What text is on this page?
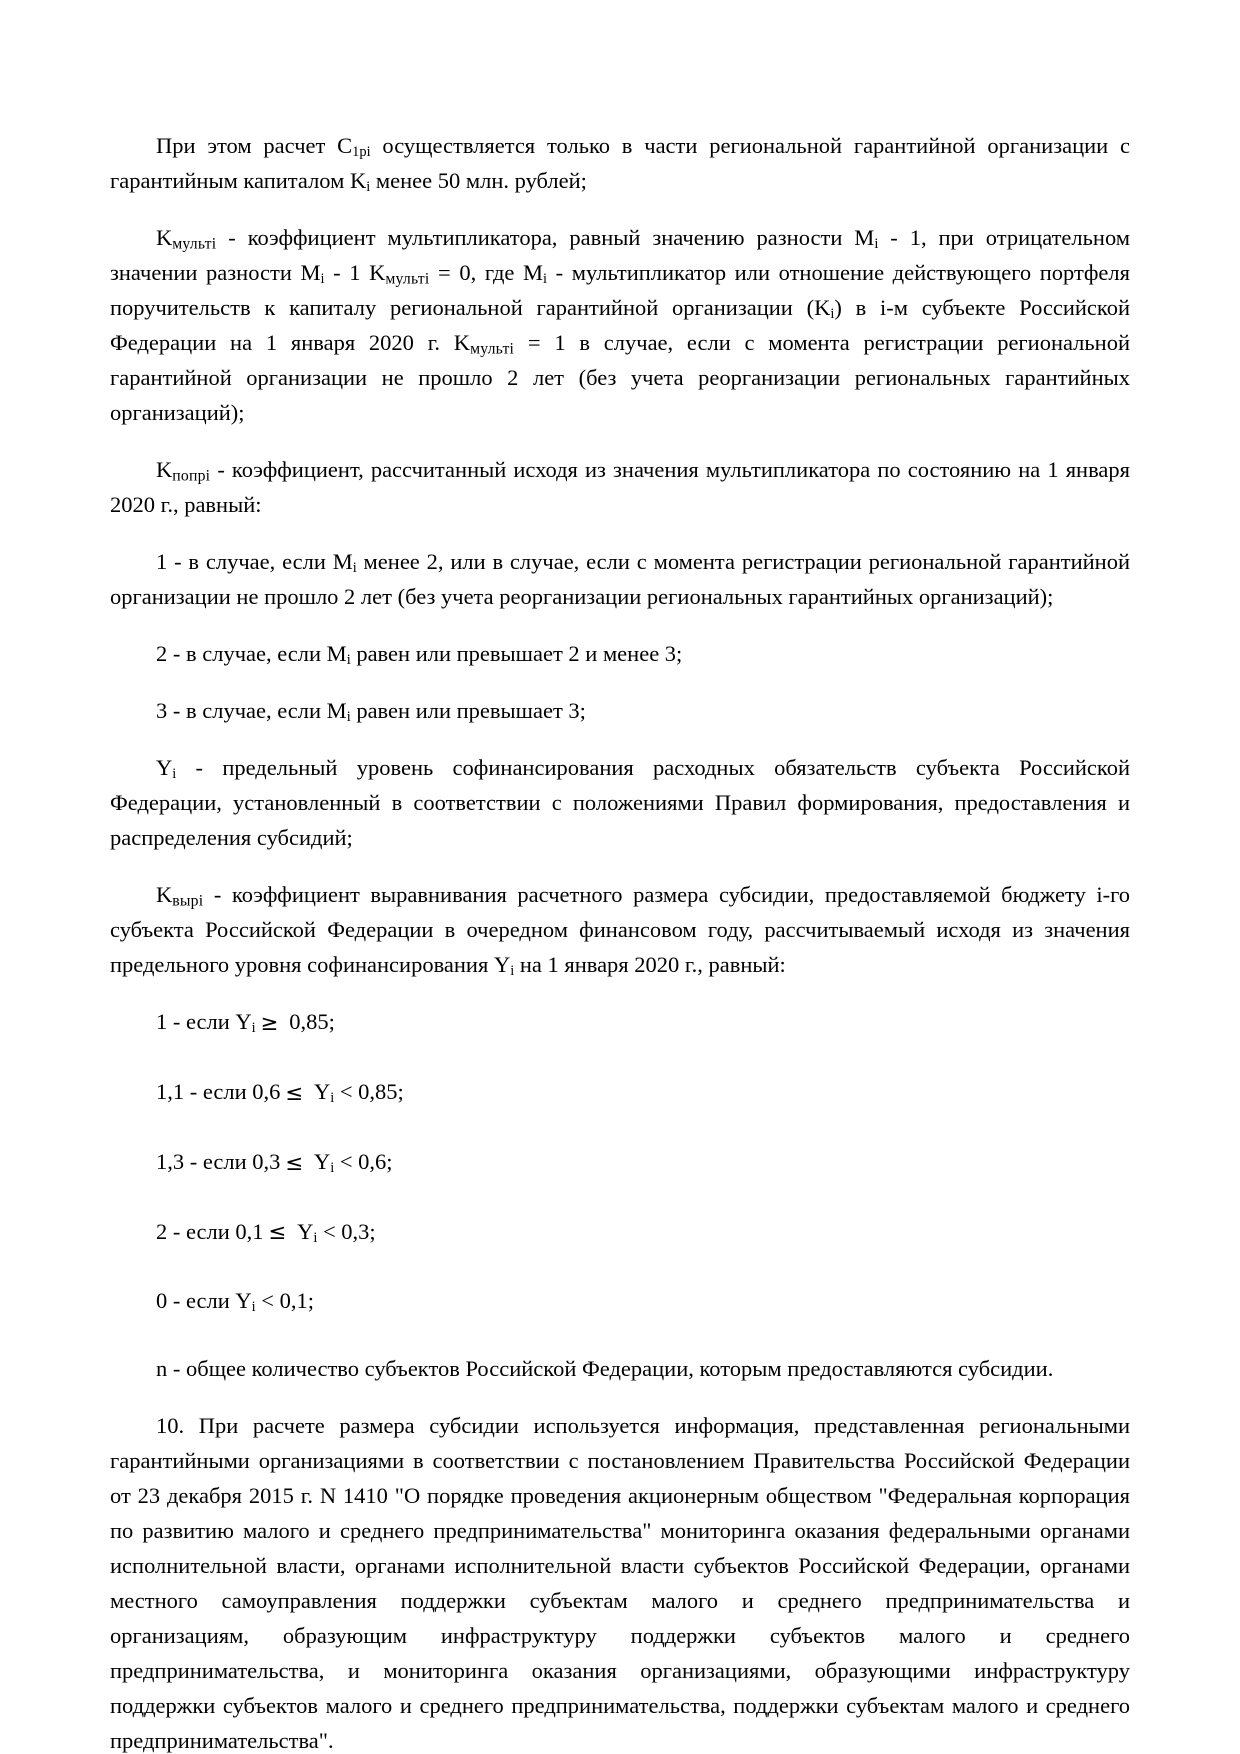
При этом расчет $C_{1pi}$ осуществляется только в части региональной гарантийной организации с гарантийным капиталом $K_i$ менее 50 млн. рублей;

Kмультi - коэффициент мультипликатора, равный значению разности $M_i - 1$, при отрицательном значении разности $M_i - 1$ Kмультi = 0, где $M_i$ - мультипликатор или отношение действующего портфеля поручительств к капиталу региональной гарантийной организации $(K_i)$ в i-м субъекте Российской Федерации на 1 января 2020 г. Kмультi = 1 в случае, если с момента регистрации региональной гарантийной организации не прошло 2 лет (без учета реорганизации региональных гарантийных организаций);

Kпопрi - коэффициент, рассчитанный исходя из значения мультипликатора по состоянию на 1 января 2020 г., равный:

1 - в случае, если $M_i$ менее 2, или в случае, если с момента регистрации региональной гарантийной организации не прошло 2 лет (без учета реорганизации региональных гарантийных организаций);

2 - в случае, если $M_i$ равен или превышает 2 и менее 3;

3 - в случае, если $M_i$ равен или превышает 3;

$Y_i$ - предельный уровень софинансирования расходных обязательств субъекта Российской Федерации, установленный в соответствии с положениями Правил формирования, предоставления и распределения субсидий;

Kвырi - коэффициент выравнивания расчетного размера субсидии, предоставляемой бюджету i-го субъекта Российской Федерации в очередном финансовом году, рассчитываемый исходя из значения предельного уровня софинансирования $Y_i$ на 1 января 2020 г., равный:

1 - если $Y_i \ge 0,85$;

1,1 - если $0,6 \le Y_i < 0,85$;

1,3 - если $0,3 \le Y_i < 0,6$;

2 - если $0,1 \le Y_i < 0,3$;

0 - если $Y_i < 0,1$;

n - общее количество субъектов Российской Федерации, которым предоставляются субсидии.

10. При расчете размера субсидии используется информация, представленная региональными гарантийными организациями в соответствии с постановлением Правительства Российской Федерации от 23 декабря 2015 г. N 1410 "О порядке проведения акционерным обществом "Федеральная корпорация по развитию малого и среднего предпринимательства" мониторинга оказания федеральными органами исполнительной власти, органами исполнительной власти субъектов Российской Федерации, органами местного самоуправления поддержки субъектам малого и среднего предпринимательства и организациям, образующим инфраструктуру поддержки субъектов малого и среднего предпринимательства, и мониторинга оказания организациями, образующими инфраструктуру поддержки субъектов малого и среднего предпринимательства, поддержки субъектам малого и среднего предпринимательства".
